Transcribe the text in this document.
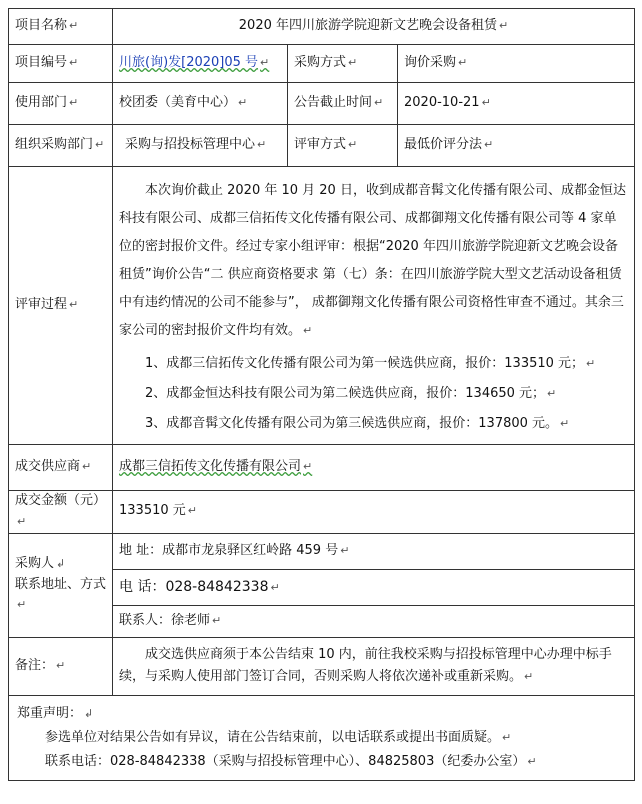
项目名称 ↵	2020 年四川旅游学院迎新文艺晚会设备租赁 ↵
项目编号 ↵	川旅(询)发[2020]05 号 ↵	采购方式 ↵	询价采购 ↵
使用部门 ↵	校团委（美育中心） ↵	公告截止时间 ↵	2020-10-21 ↵
组织采购部门 ↵	采购与招投标管理中心 ↵	评审方式 ↵	最低价评分法 ↵
评审过程 ↵	本次询价截止 2020 年 10 月 20 日，收到成都音髯文化传播有限公司、成都金恒达科技有限公司、成都三信拓传文化传播有限公司、成都御翔文化传播有限公司等 4 家单位的密封报价文件。经过专家小组评审：根据“2020 年四川旅游学院迎新文艺晚会设备租赁”询价公告“二 供应商资格要求 第（七）条：在四川旅游学院大型文艺活动设备租赁中有违约情况的公司不能参与”， 成都御翔文化传播有限公司资格性审查不通过。其余三家公司的密封报价文件均有效。 ↵
1、成都三信拓传文化传播有限公司为第一候选供应商，报价：133510 元； ↵
2、成都金恒达科技有限公司为第二候选供应商，报价：134650 元； ↵
3、成都音髯文化传播有限公司为第三候选供应商，报价：137800 元。 ↵

成交供应商 ↵	成都三信拓传文化传播有限公司 ↵
成交金额（元） ↵	133510 元 ↵

采购人 ↲
联系地址、方式 ↵	地 址：成都市龙泉驿区红岭路 459 号 ↵
	电 话：028-84842338 ↵
	联系人：徐老师 ↵
备注： ↵	成交选供应商须于本公告结束 10 内，前往我校采购与招投标管理中心办理中标手续，与采购人使用部门签订合同，否则采购人将依次递补或重新采购。 ↵

郑重声明： ↲
参选单位对结果公告如有异议，请在公告结束前，以电话联系或提出书面质疑。 ↵
联系电话：028-84842338（采购与招投标管理中心）、84825803（纪委办公室） ↵
